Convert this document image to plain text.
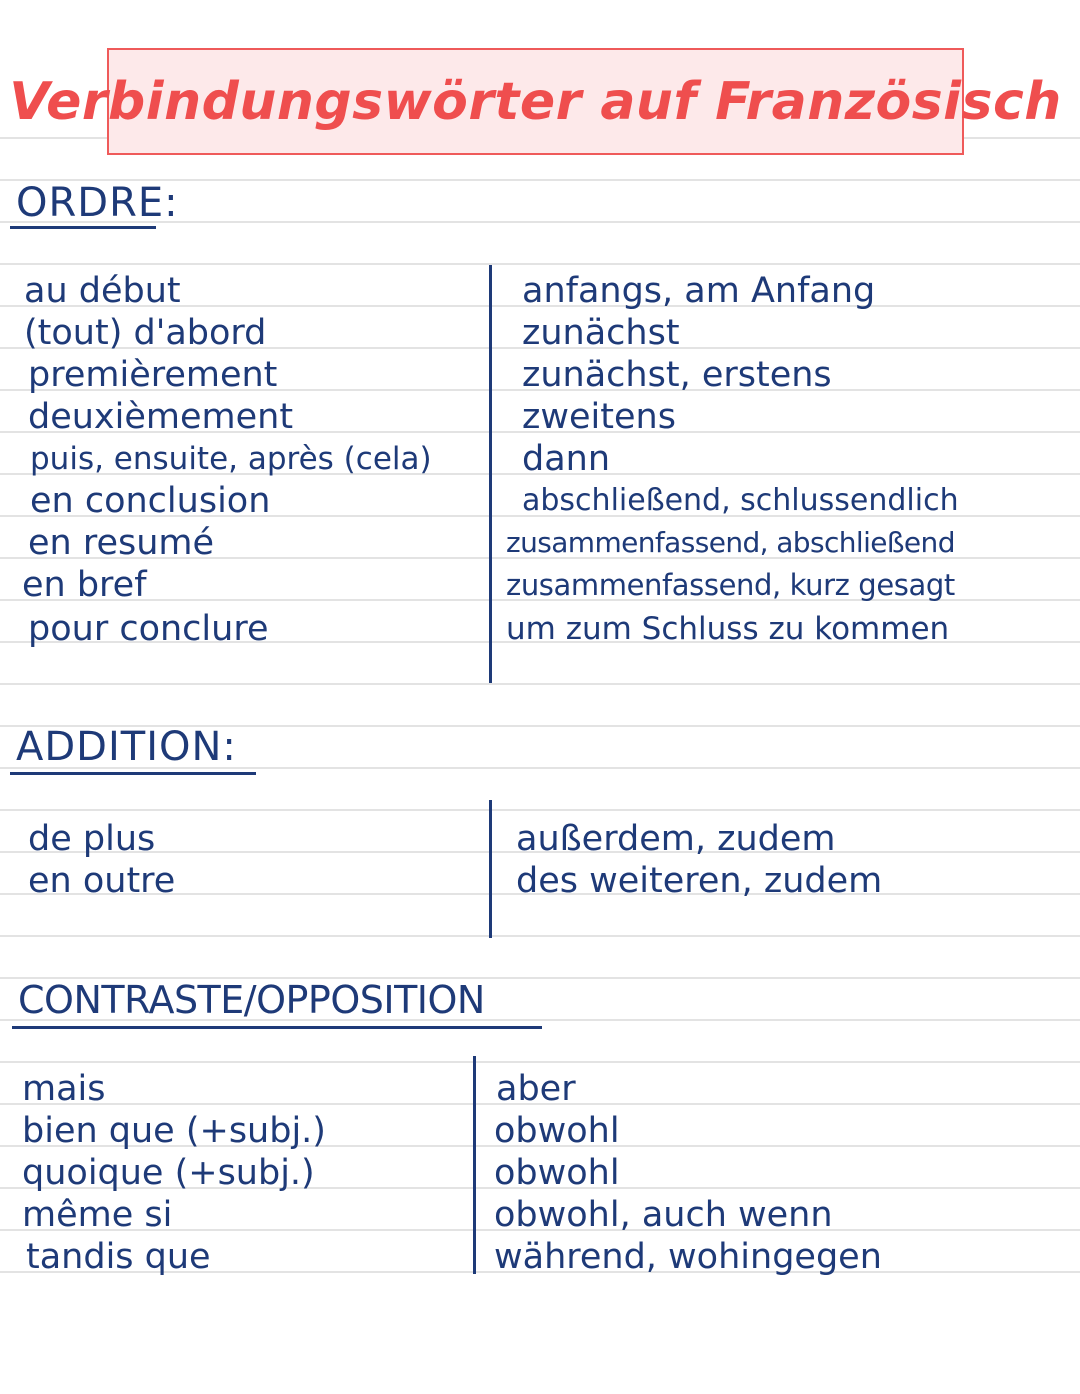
Verbindungswörter auf Französisch
ORDRE:
au début
(tout) d'abord
premièrement
deuxièmement
puis, ensuite, après (cela)
en conclusion
en resumé
en bref
pour conclure
anfangs, am Anfang
zunächst
zunächst, erstens
zweitens
dann
abschließend, schlussendlich
zusammenfassend, abschließend
zusammenfassend, kurz gesagt
um zum Schluss zu kommen
ADDITION:
de plus
en outre
außerdem, zudem
des weiteren, zudem
CONTRASTE/OPPOSITION
mais
bien que (+subj.)
quoique (+subj.)
même si
tandis que
aber
obwohl
obwohl
obwohl, auch wenn
während, wohingegen
